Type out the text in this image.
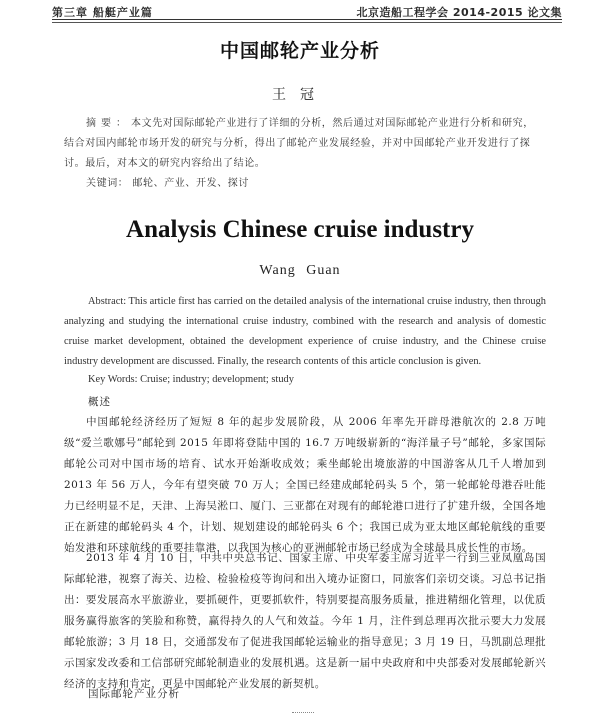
第三章 船艇产业篇	北京造船工程学会 2014-2015 论文集
中国邮轮产业分析
王冠
摘要：本文先对国际邮轮产业进行了详细的分析，然后通过对国际邮轮产业进行分析和研究，结合对国内邮轮市场开发的研究与分析，得出了邮轮产业发展经验，并对中国邮轮产业开发进行了探讨。最后，对本文的研究内容给出了结论。
关键词： 邮轮、产业、开发、探讨
Analysis Chinese cruise industry
Wang Guan
Abstract: This article first has carried on the detailed analysis of the international cruise industry, then through analyzing and studying the international cruise industry, combined with the research and analysis of domestic cruise market development, obtained the development experience of cruise industry, and the Chinese cruise industry development are discussed. Finally, the research contents of this article conclusion is given.
Key Words: Cruise; industry; development; study
概述
中国邮轮经济经历了短短 8 年的起步发展阶段，从 2006 年率先开辟母港航次的 2.8 万吨级“爱兰歌娜号”邮轮到 2015 年即将登陆中国的 16.7 万吨级崭新的“海洋量子号”邮轮，多家国际邮轮公司对中国市场的培育、试水开始渐收成效；乘坐邮轮出境旅游的中国游客从几千人增加到 2013 年 56 万人，今年有望突破 70 万人；全国已经建成邮轮码头 5 个，第一轮邮轮母港吞吐能力已经明显不足，天津、上海吴淞口、厦门、三亚都在对现有的邮轮港口进行了扩建升级，全国各地正在新建的邮轮码头 4 个，计划、规划建设的邮轮码头 6 个；我国已成为亚太地区邮轮航线的重要始发港和环球航线的重要挂靠港，以我国为核心的亚洲邮轮市场已经成为全球最具成长性的市场。
2013 年 4 月 10 日，中共中央总书记、国家主席、中央军委主席习近平一行到三亚凤凰岛国际邮轮港，视察了海关、边检、检验检疫等询问和出入境办证窗口，同旅客们亲切交谈。习总书记指出：要发展高水平旅游业，要抓硬件，更要抓软件，特别要提高服务质量，推进精细化管理，以优质服务赢得旅客的笑脸和称赞，赢得持久的人气和效益。今年 1 月，注件到总理再次批示要大力发展邮轮旅游；3 月 18 日，交通部发布了促进我国邮轮运输业的指导意见；3 月 19 日，马凯副总理批示国家发改委和工信部研究邮轮制造业的发展机遇。这是新一届中央政府和中央部委对发展邮轮新兴经济的支持和肯定，更是中国邮轮产业发展的新契机。
国际邮轮产业分析
